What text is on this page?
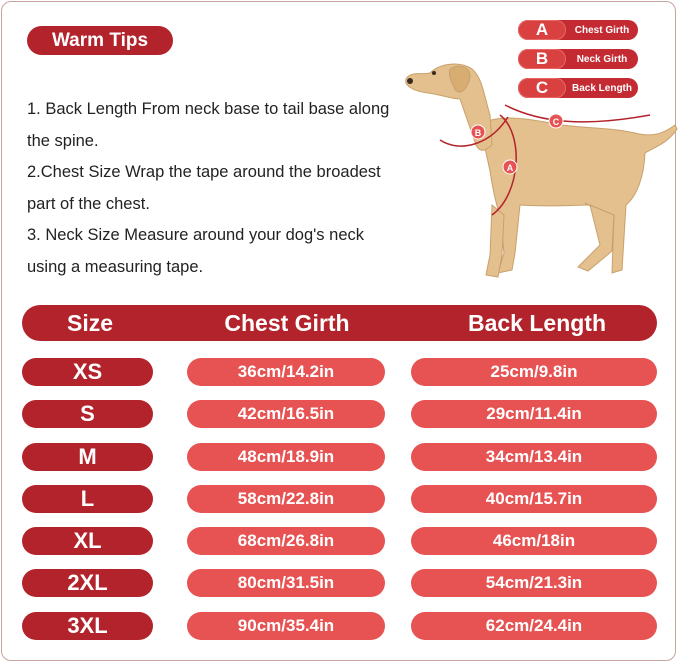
Warm Tips

1. Back Length From neck base to tail base along the spine.

2.Chest Size Wrap the tape around the broadest part of the chest.

3. Neck Size Measure around your dog's neck using a measuring tape.

A	Chest Girth
B	Neck Girth
C	Back Length
B
A
C
Size	Chest Girth	Back Length
XS	36cm/14.2in	25cm/9.8in
S	42cm/16.5in	29cm/11.4in
M	48cm/18.9in	34cm/13.4in
L	58cm/22.8in	40cm/15.7in
XL	68cm/26.8in	46cm/18in
2XL	80cm/31.5in	54cm/21.3in
3XL	90cm/35.4in	62cm/24.4in
